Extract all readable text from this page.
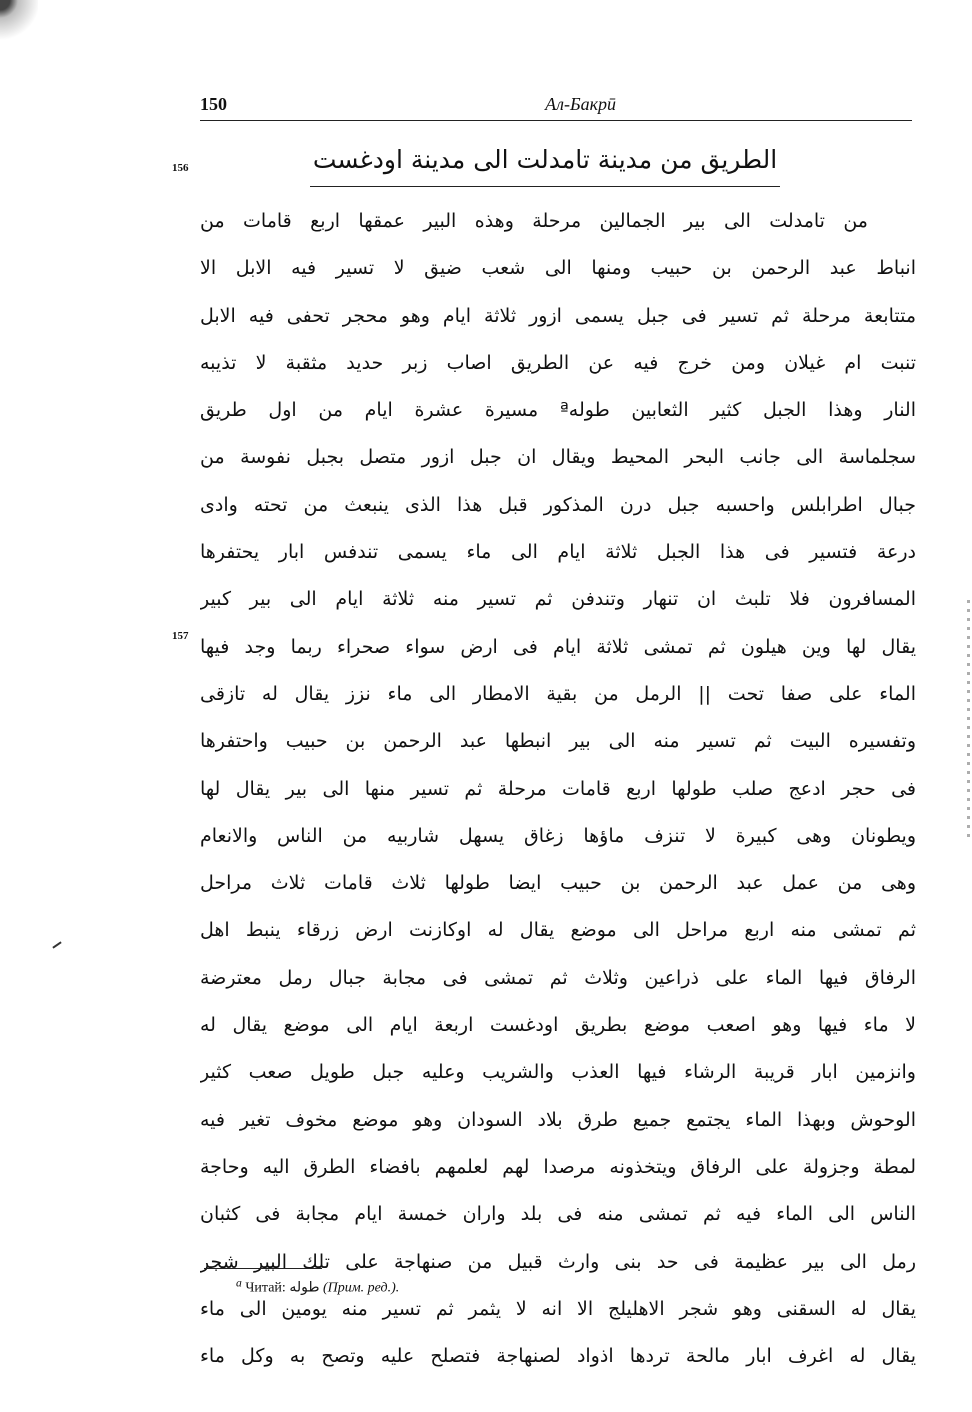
150	Ал-Бакрū
156
157
الطريق من مدينة تامدلت الى مدينة اودغست
من تامدلت الى بير الجمالين مرحلة وهذه البير عمقها اربع قامات من
انباط عبد الرحمن بن حبيب ومنها الى شعب ضيق لا تسير فيه الابل الا
متتابعة مرحلة ثم تسير فى جبل يسمى ازور ثلاثة ايام وهو محجر تحفى فيه الابل
تنبت ام غيلان ومن خرج فيه عن الطريق اصاب زبر حديد مثقبة لا تذيبه
النار وهذا الجبل كثير الثعابين طولهª مسيرة عشرة ايام من اول طريق
سجلماسة الى جانب البحر المحيط ويقال ان جبل ازور متصل بجبل نفوسة من
جبال اطرابلس واحسبه جبل درن المذكور قبل هذا الذى ينبعث من تحته وادى
درعة فتسير فى هذا الجبل ثلاثة ايام الى ماء يسمى تندفس ابار يحتفرها
المسافرون فلا تلبث ان تنهار وتندفن ثم تسير منه ثلاثة ايام الى بير كبير
يقال لها وين هيلون ثم تمشى ثلاثة ايام فى ارض سواء صحراء ربما وجد فيها
الماء على صفا تحت || الرمل من بقية الامطار الى ماء نزز يقال له تازقى
وتفسيره البيت ثم تسير منه الى بير انبطها عبد الرحمن بن حبيب واحتفرها
فى حجر ادعج صلب طولها اربع قامات مرحلة ثم تسير منها الى بير يقال لها
ويطونان وهى كبيرة لا تنزف ماؤها زغاق يسهل شاربيه من الناس والانعام
وهى من عمل عبد الرحمن بن حبيب ايضا طولها ثلاث قامات ثلاث مراحل
ثم تمشى منه اربع مراحل الى موضع يقال له اوكازنت ارض زرقاء ينبط اهل
الرفاق فيها الماء على ذراعين وثلاث ثم تمشى فى مجابة جبال رمل معترضة
لا ماء فيها وهو اصعب موضع بطريق اودغست اربعة ايام الى موضع يقال له
وانزمين ابار قريبة الرشاء فيها العذب والشريب وعليه جبل طويل صعب كثير
الوحوش وبهذا الماء يجتمع جميع طرق بلاد السودان وهو موضع مخوف تغير فيه
لمطة وجزولة على الرفاق ويتخذونه مرصدا لهم لعلمهم بافضاء الطرق اليه وحاجة
الناس الى الماء فيه ثم تمشى منه فى بلد واران خمسة ايام مجابة فى كثبان
رمل الى بير عظيمة فى حد بنى وارث قبيل من صنهاجة على تلك البير شجر
يقال له السقنى وهو شجر الاهليلج الا انه لا يثمر ثم تسير منه يومين الى ماء
يقال له اغرف ابار مالحة تردها اذواد لصنهاجة فتصلح عليه وتصح به وكل ماء
$^a$ Читай: طوله (Прим. ред.).
